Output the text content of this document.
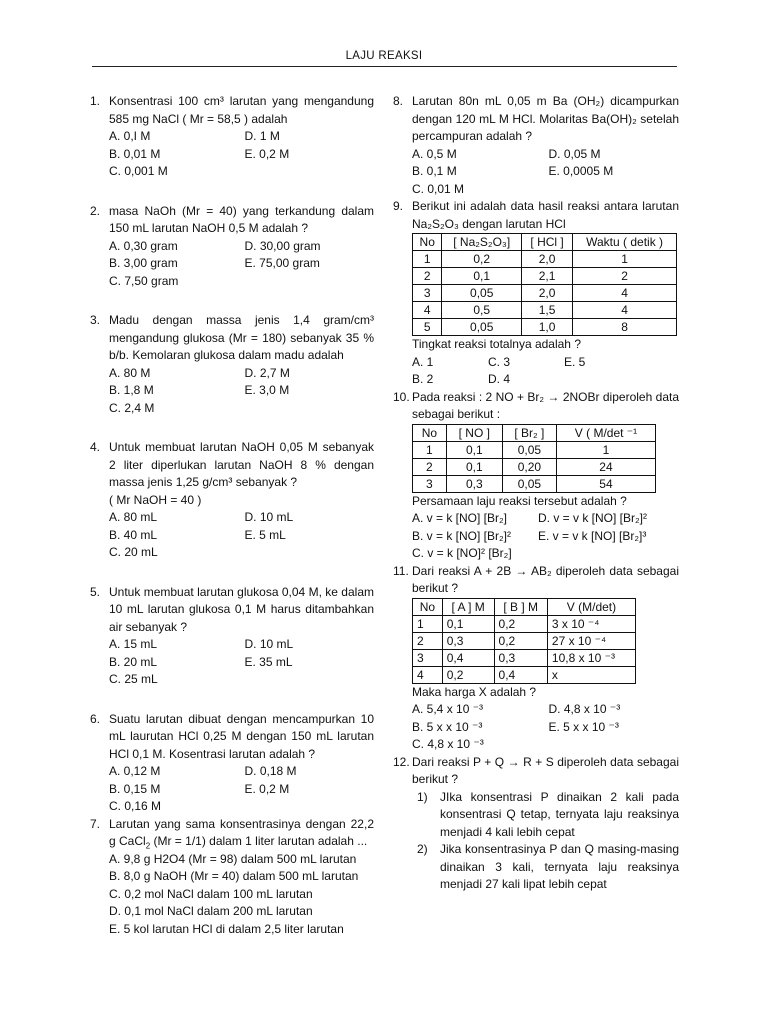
LAJU REAKSI
1. Konsentrasi 100 cm³ larutan yang mengandung 585 mg NaCl ( Mr = 58,5 ) adalah
A. 0,I M	D. 1 M
B. 0,01 M	E. 0,2 M
C. 0,001 M
2. masa NaOh (Mr = 40) yang terkandung dalam 150 mL larutan NaOH 0,5 M adalah ?
A. 0,30 gram	D. 30,00 gram
B. 3,00 gram	E. 75,00 gram
C. 7,50 gram
3. Madu dengan massa jenis 1,4 gram/cm³ mengandung glukosa (Mr = 180) sebanyak 35 % b/b. Kemolaran glukosa dalam madu adalah
A. 80 M	D. 2,7 M
B. 1,8 M	E. 3,0 M
C. 2,4 M
4. Untuk membuat larutan NaOH 0,05 M sebanyak 2 liter diperlukan larutan NaOH 8 % dengan massa jenis 1,25 g/cm³ sebanyak ?
( Mr NaOH = 40 )
A. 80 mL	D. 10 mL
B. 40 mL	E. 5 mL
C. 20 mL
5. Untuk membuat larutan glukosa 0,04 M, ke dalam 10 mL larutan glukosa 0,1 M harus ditambahkan air sebanyak ?
A. 15 mL	D. 10 mL
B. 20 mL	E. 35 mL
C. 25 mL
6. Suatu larutan dibuat dengan mencampurkan 10 mL laurutan HCl 0,25 M dengan 150 mL larutan HCl 0,1 M. Kosentrasi larutan adalah ?
A. 0,12 M	D. 0,18 M
B. 0,15 M	E. 0,2 M
C. 0,16 M
7. Larutan yang sama konsentrasinya dengan 22,2 g CaCl$_2$ (Mr = 1/1) dalam 1 liter larutan adalah ...
A. 9,8 g H2O4 (Mr = 98) dalam 500 mL larutan
B. 8,0 g NaOH (Mr = 40) dalam 500 mL larutan
C. 0,2 mol NaCl dalam 100 mL larutan
D. 0,1 mol NaCl dalam 200 mL larutan
E. 5 kol larutan HCl di dalam 2,5 liter larutan
8. Larutan 80n mL 0,05 m Ba (OH₂) dicampurkan dengan 120 mL M HCl. Molaritas Ba(OH)₂ setelah percampuran adalah ?
A. 0,5 M	D. 0,05 M
B. 0,1 M	E. 0,0005 M
C. 0,01 M
9. Berikut ini adalah data hasil reaksi antara larutan Na₂S₂O₃ dengan larutan HCl
No	[ Na₂S₂O₃]	[ HCl ]	Waktu ( detik )
1	0,2	2,0	1
2	0,1	2,1	2
3	0,05	2,0	4
4	0,5	1,5	4
5	0,05	1,0	8
Tingkat reaksi totalnya adalah ?
A. 1	C. 3	E. 5
B. 2	D. 4
10. Pada reaksi : 2 NO + Br₂ → 2NOBr diperoleh data sebagai berikut :
No	[ NO ]	[ Br₂ ]	V ( M/det ⁻¹
1	0,1	0,05	1
2	0,1	0,20	24
3	0,3	0,05	54
Persamaan laju reaksi tersebut adalah ?
A. v = k [NO] [Br₂]	D. v = v k [NO] [Br₂]²
B. v = k [NO] [Br₂]²	E. v = v k [NO] [Br₂]³
C. v = k [NO]² [Br₂]
11. Dari reaksi A + 2B → AB₂ diperoleh data sebagai berikut ?
No	[ A ] M	[ B ] M	V (M/det)
1	0,1	0,2	3 x 10 ⁻⁴
2	0,3	0,2	27 x 10 ⁻⁴
3	0,4	0,3	10,8 x 10 ⁻³
4	0,2	0,4	x
Maka harga X adalah ?
A. 5,4 x 10 ⁻³	D. 4,8 x 10 ⁻³
B. 5 x x 10 ⁻³	E. 5 x x 10 ⁻³
C. 4,8 x 10 ⁻³
12. Dari reaksi P + Q → R + S diperoleh data sebagai berikut ?
1) JIka konsentrasi P dinaikan 2 kali pada konsentrasi Q tetap, ternyata laju reaksinya menjadi 4 kali lebih cepat
2) Jika konsentrasinya P dan Q masing-masing dinaikan 3 kali, ternyata laju reaksinya menjadi 27 kali lipat lebih cepat
